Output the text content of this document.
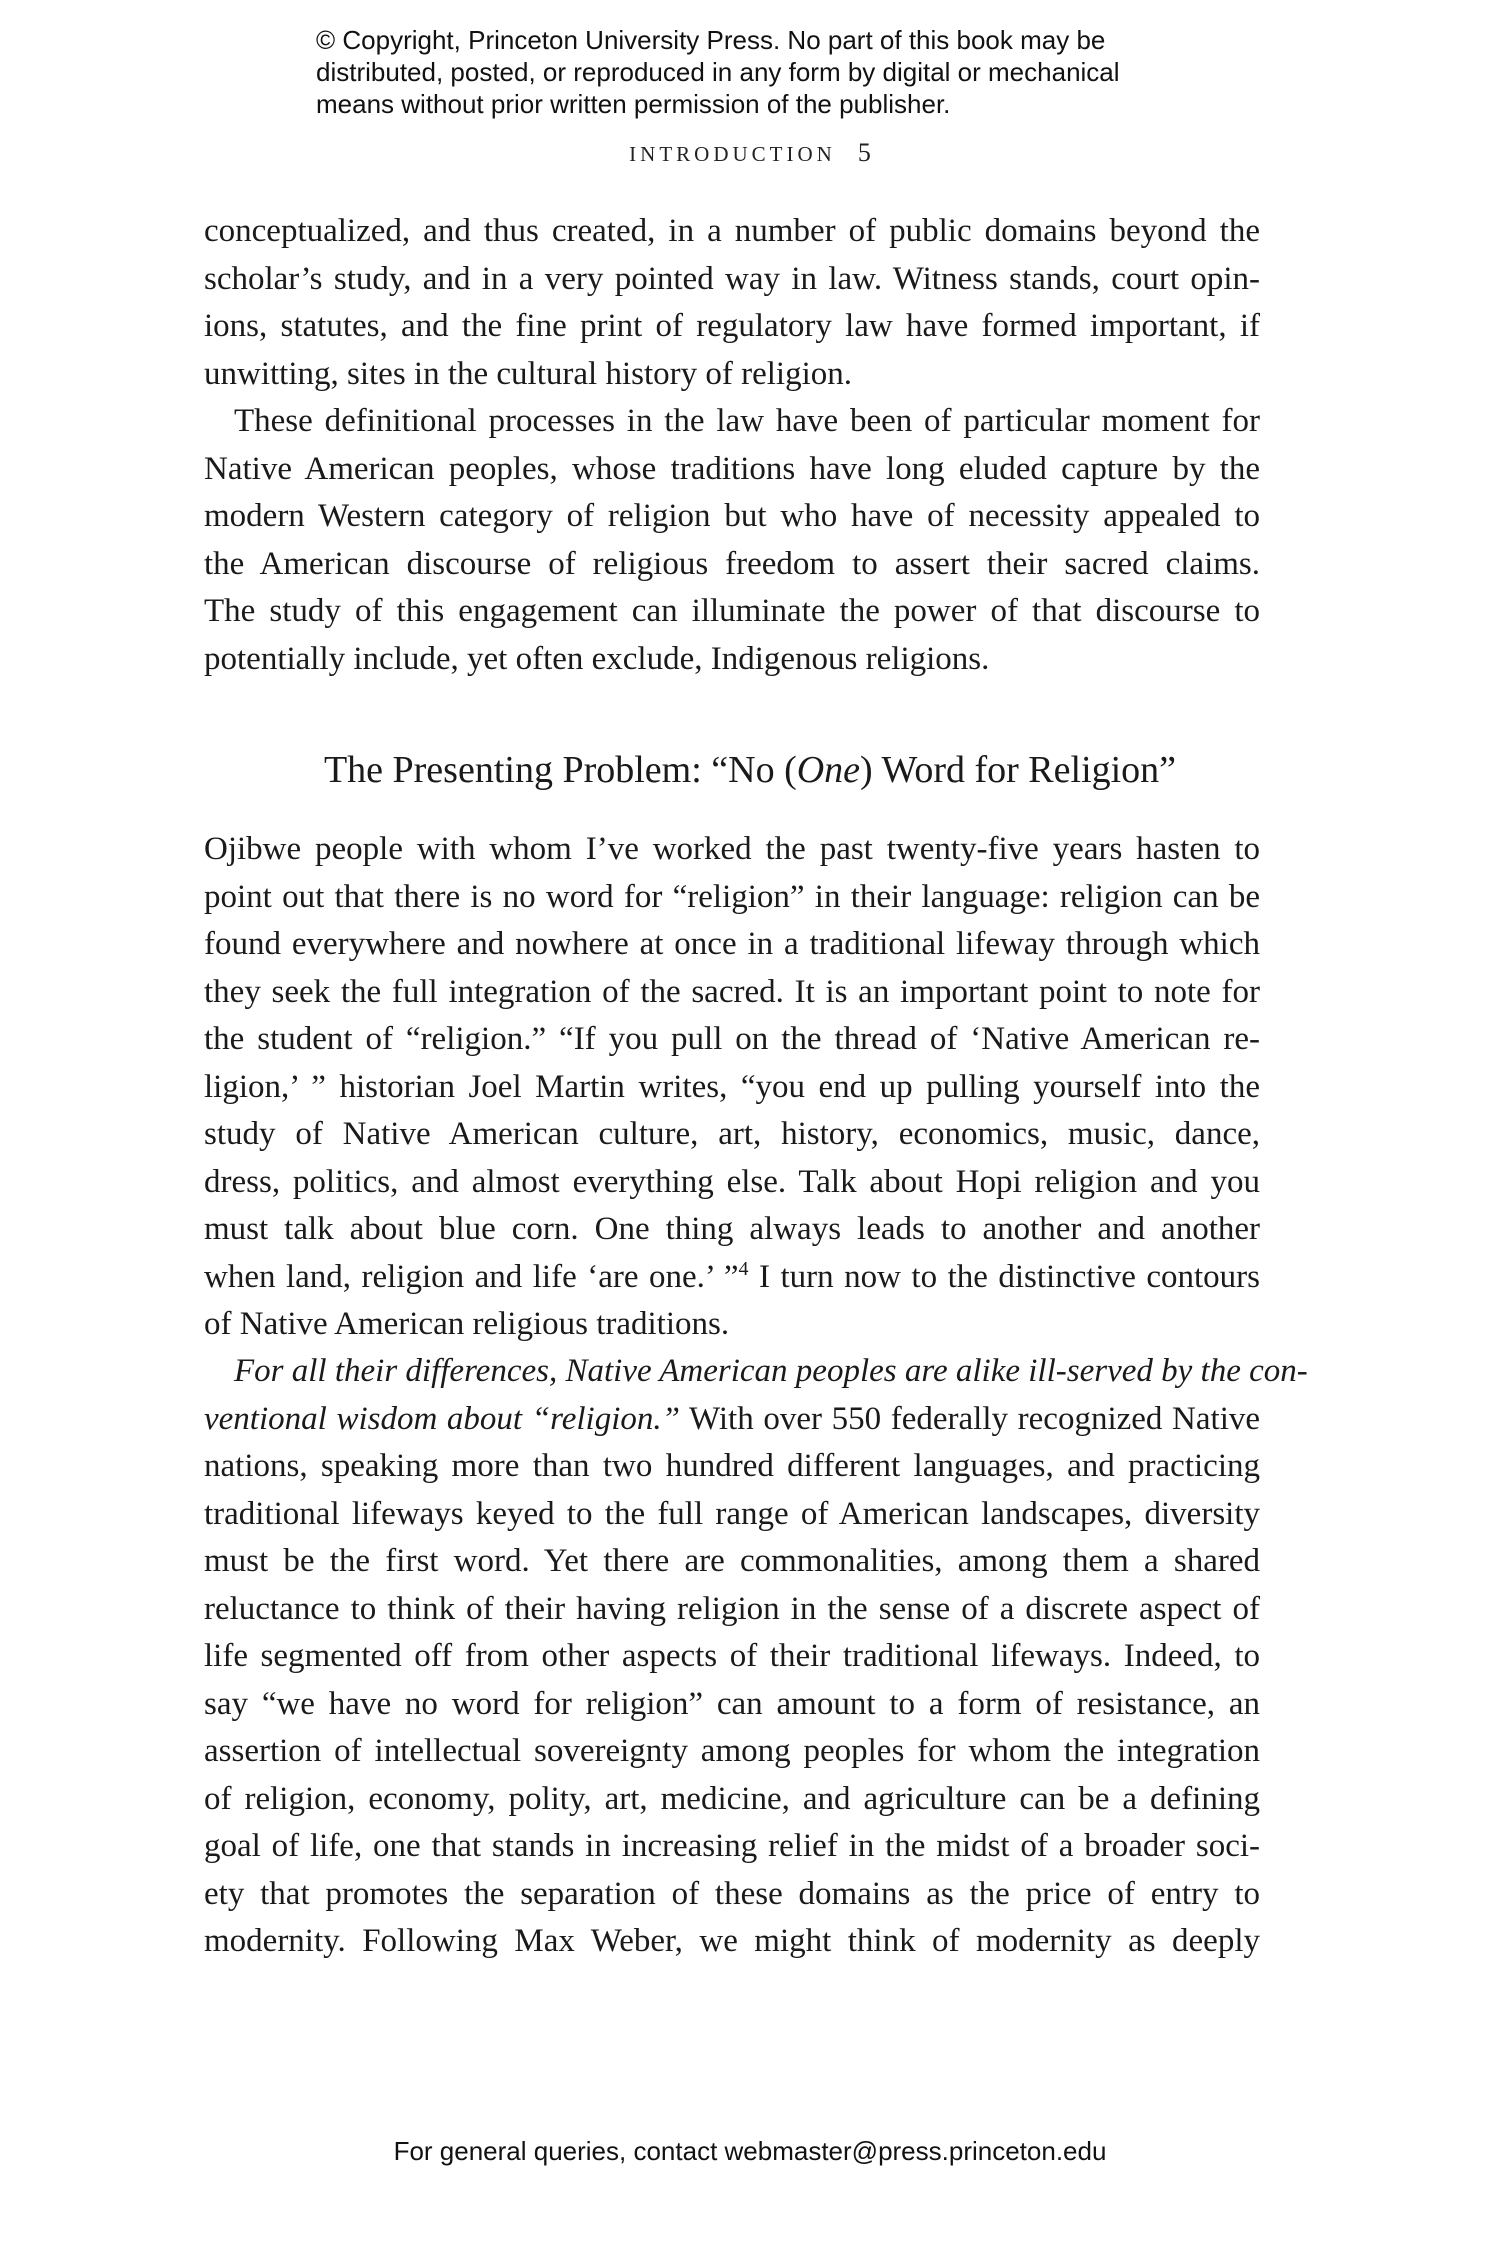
© Copyright, Princeton University Press. No part of this book may be
distributed, posted, or reproduced in any form by digital or mechanical
means without prior written permission of the publisher.
INTRODUCTION 5
conceptualized, and thus created, in a number of public domains beyond the
scholar’s study, and in a very pointed way in law. Witness stands, court opin-
ions, statutes, and the fine print of regulatory law have formed important, if
unwitting, sites in the cultural history of religion.
These definitional processes in the law have been of particular moment for
Native American peoples, whose traditions have long eluded capture by the
modern Western category of religion but who have of necessity appealed to
the American discourse of religious freedom to assert their sacred claims.
The study of this engagement can illuminate the power of that discourse to
potentially include, yet often exclude, Indigenous religions.
The Presenting Problem: “No (One) Word for Religion”
Ojibwe people with whom I’ve worked the past twenty-five years hasten to
point out that there is no word for “religion” in their language: religion can be
found everywhere and nowhere at once in a traditional lifeway through which
they seek the full integration of the sacred. It is an important point to note for
the student of “religion.” “If you pull on the thread of ‘Native American re-
ligion,’ ” historian Joel Martin writes, “you end up pulling yourself into the
study of Native American culture, art, history, economics, music, dance,
dress, politics, and almost everything else. Talk about Hopi religion and you
must talk about blue corn. One thing always leads to another and another
when land, religion and life ‘are one.’ ”$^4$ I turn now to the distinctive contours
of Native American religious traditions.
For all their differences, Native American peoples are alike ill-served by the con-
ventional wisdom about “religion.” With over 550 federally recognized Native
nations, speaking more than two hundred different languages, and practicing
traditional lifeways keyed to the full range of American landscapes, diversity
must be the first word. Yet there are commonalities, among them a shared
reluctance to think of their having religion in the sense of a discrete aspect of
life segmented off from other aspects of their traditional lifeways. Indeed, to
say “we have no word for religion” can amount to a form of resistance, an
assertion of intellectual sovereignty among peoples for whom the integration
of religion, economy, polity, art, medicine, and agriculture can be a defining
goal of life, one that stands in increasing relief in the midst of a broader soci-
ety that promotes the separation of these domains as the price of entry to
modernity. Following Max Weber, we might think of modernity as deeply
For general queries, contact webmaster@press.princeton.edu
